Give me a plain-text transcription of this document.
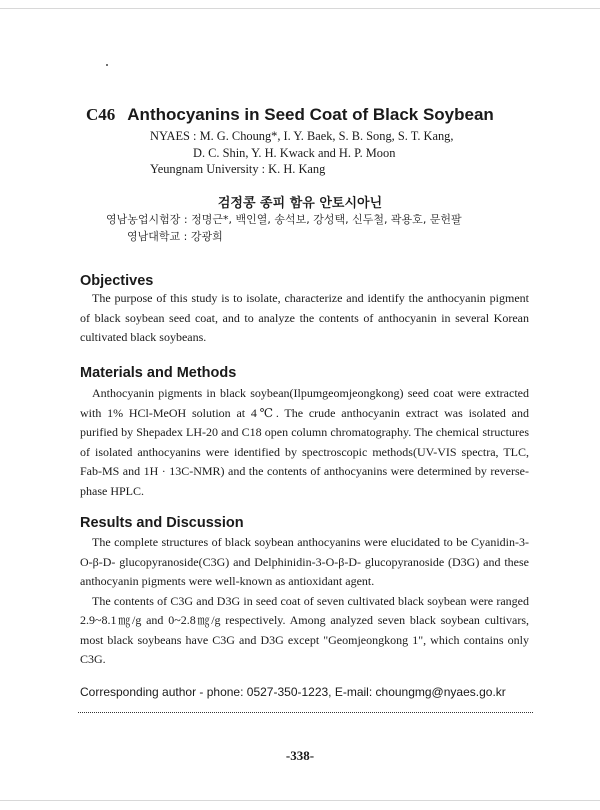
C46 Anthocyanins in Seed Coat of Black Soybean
NYAES : M. G. Choung*, I. Y. Baek, S. B. Song, S. T. Kang,
D. C. Shin, Y. H. Kwack and H. P. Moon
Yeungnam University : K. H. Kang
검정콩 종피 함유 안토시아닌
영남농업시험장 : 정명근*, 백인열, 송석보, 강성택, 신두철, 곽용호, 문헌팔
영남대학교 : 강광희
Objectives

The purpose of this study is to isolate, characterize and identify the anthocyanin pigment of black soybean seed coat, and to analyze the contents of anthocyanin in several Korean cultivated black soybeans.

Materials and Methods

Anthocyanin pigments in black soybean(Ilpumgeomjeongkong) seed coat were extracted with 1% HCl-MeOH solution at 4℃. The crude anthocyanin extract was isolated and purified by Shepadex LH-20 and C18 open column chromatography. The chemical structures of isolated anthocyanins were identified by spectroscopic methods(UV-VIS spectra, TLC, Fab-MS and 1H · 13C-NMR) and the contents of anthocyanins were determined by reverse-phase HPLC.

Results and Discussion

The complete structures of black soybean anthocyanins were elucidated to be Cyanidin-3-O-β-D- glucopyranoside(C3G) and Delphinidin-3-O-β-D- glucopyranoside (D3G) and these anthocyanin pigments were well-known as antioxidant agent.

The contents of C3G and D3G in seed coat of seven cultivated black soybean were ranged 2.9~8.1㎎/g and 0~2.8㎎/g respectively. Among analyzed seven black soybean cultivars, most black soybeans have C3G and D3G except "Geomjeongkong 1", which contains only C3G.

Corresponding author - phone: 0527-350-1223, E-mail: choungmg@nyaes.go.kr
-338-
